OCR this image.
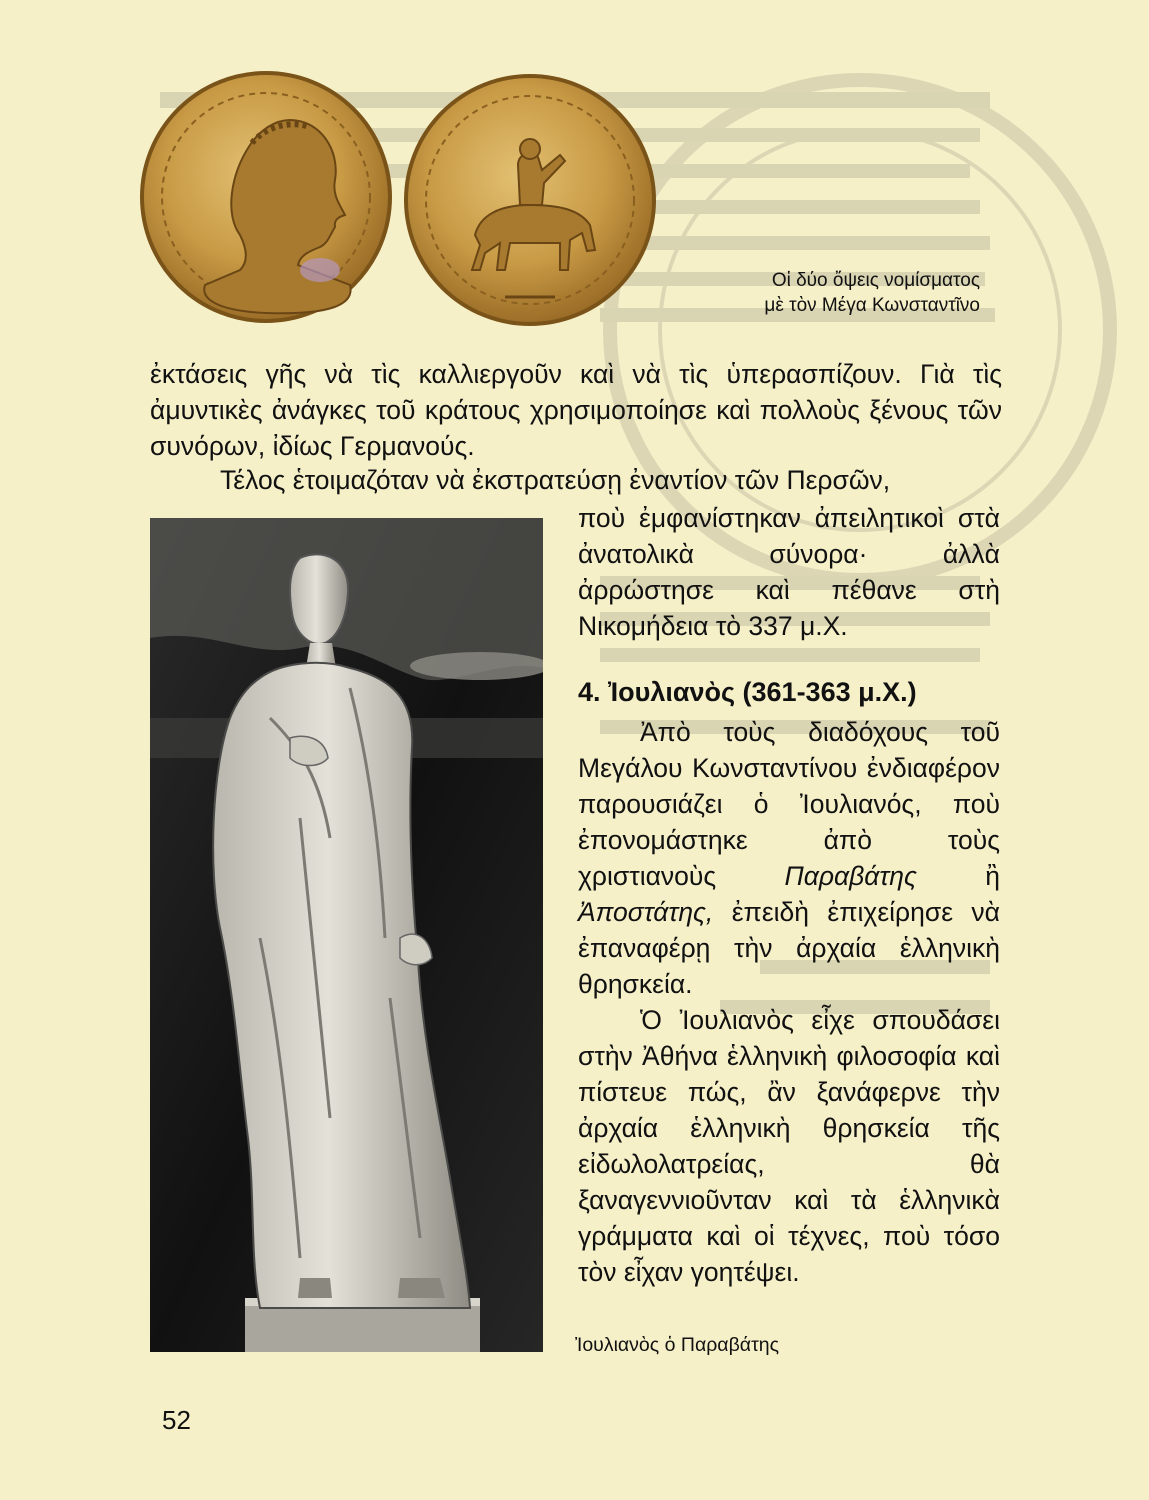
Οἱ δύο ὄψεις νομίσματος
μὲ τὸν Μέγα Κωνσταντῖνο

ἐκτάσεις γῆς νὰ τὶς καλλιεργοῦν καὶ νὰ τὶς ὑπερασπίζουν. Γιὰ τὶς ἀμυντικὲς ἀνάγκες τοῦ κράτους χρησιμοποίησε καὶ πολλοὺς ξένους τῶν συνόρων, ἰδίως Γερμανούς.

Τέλος ἑτοιμαζόταν νὰ ἐκστρατεύσῃ ἐναντίον τῶν Περσῶν,

ποὺ ἐμφανίστηκαν ἀπειλητικοὶ στὰ ἀνατολικὰ σύνορα· ἀλλὰ ἀρρώστησε καὶ πέθανε στὴ Νικομήδεια τὸ 337 μ.Χ.

4. Ἰουλιανὸς (361-363 μ.Χ.)

Ἀπὸ τοὺς διαδόχους τοῦ Μεγάλου Κωνσταντίνου ἐνδιαφέρον παρουσιάζει ὁ Ἰουλιανός, ποὺ ἐπονομάστηκε ἀπὸ τοὺς χριστιανοὺς Παραβάτης ἢ Ἀποστάτης, ἐπειδὴ ἐπιχείρησε νὰ ἐπαναφέρῃ τὴν ἀρχαία ἑλληνικὴ θρησκεία.

Ὁ Ἰουλιανὸς εἶχε σπουδάσει στὴν Ἀθήνα ἑλληνικὴ φιλοσοφία καὶ πίστευε πώς, ἂν ξανάφερνε τὴν ἀρχαία ἑλληνικὴ θρησκεία τῆς εἰδωλολατρείας, θὰ ξαναγεννιοῦνταν καὶ τὰ ἑλληνικὰ γράμματα καὶ οἱ τέχνες, ποὺ τόσο τὸν εἶχαν γοητέψει.

Ἰουλιανὸς ὁ Παραβάτης
52
